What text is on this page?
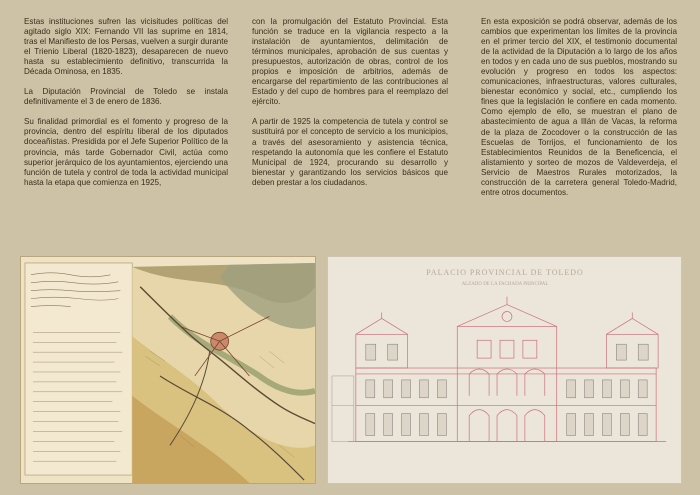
Estas instituciones sufren las vicisitudes políticas del agitado siglo XIX: Fernando VII las suprime en 1814, tras el Manifiesto de los Persas, vuelven a surgir durante el Trienio Liberal (1820-1823), desaparecen de nuevo hasta su establecimiento definitivo, transcurrida la Década Ominosa, en 1835.

La Diputación Provincial de Toledo se instala definitivamente el 3 de enero de 1836.

Su finalidad primordial es el fomento y progreso de la provincia, dentro del espíritu liberal de los diputados doceañistas. Presidida por el Jefe Superior Político de la provincia, más tarde Gobernador Civil, actúa como superior jerárquico de los ayuntamientos, ejerciendo una función de tutela y control de toda la actividad municipal hasta la etapa que comienza en 1925,

con la promulgación del Estatuto Provincial. Esta función se traduce en la vigilancia respecto a la instalación de ayuntamientos, delimitación de términos municipales, aprobación de sus cuentas y presupuestos, autorización de obras, control de los propios e imposición de arbitrios, además de encargarse del repartimiento de las contribuciones al Estado y del cupo de hombres para el reemplazo del ejército.

A partir de 1925 la competencia de tutela y control se sustituirá por el concepto de servicio a los municipios, a través del asesoramiento y asistencia técnica, respetando la autonomía que les confiere el Estatuto Municipal de 1924, procurando su desarrollo y bienestar y garantizando los servicios básicos que deben prestar a los ciudadanos.

En esta exposición se podrá observar, además de los cambios que experimentan los límites de la provincia en el primer tercio del XIX, el testimonio documental de la actividad de la Diputación a lo largo de los años en todos y en cada uno de sus pueblos, mostrando su evolución y progreso en todos los aspectos: comunicaciones, infraestructuras, valores culturales, bienestar económico y social, etc., cumpliendo los fines que la legislación le confiere en cada momento. Como ejemplo de ello, se muestran el plano de abastecimiento de agua a Illán de Vacas, la reforma de la plaza de Zocodover o la construcción de las Escuelas de Torrijos, el funcionamiento de los Establecimientos Reunidos de la Beneficencia, el alistamiento y sorteo de mozos de Valdeverdeja, el Servicio de Maestros Rurales motorizados, la construcción de la carretera general Toledo-Madrid, entre otros documentos.

PALACIO PROVINCIAL DE TOLEDO
ALZADO DE LA FACHADA PRINCIPAL
